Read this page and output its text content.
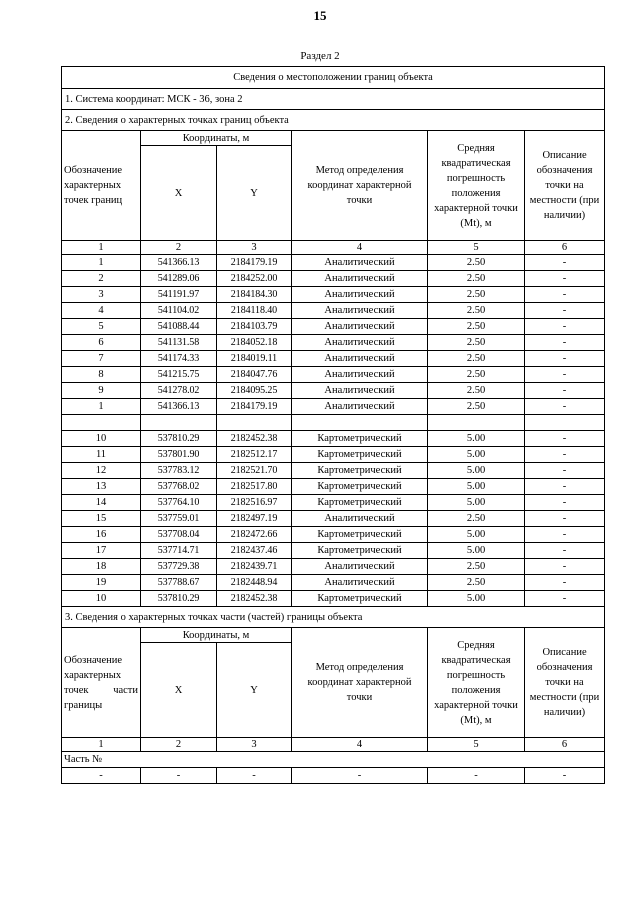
15
Раздел 2
Сведения о местоположении границ объекта					
1. Система координат: МСК - 36, зона 2					
2. Сведения о характерных точках границ объекта					
Обозначение характерных точек границ	Координаты, м		Метод определения координат характерной точки	Средняя квадратическая погрешность положения характерной точки (Mt), м	Описание обозначения точки на местности (при наличии)
	X	Y			
1	2	3	4	5	6
1	541366.13	2184179.19	Аналитический	2.50	-
2	541289.06	2184252.00	Аналитический	2.50	-
3	541191.97	2184184.30	Аналитический	2.50	-
4	541104.02	2184118.40	Аналитический	2.50	-
5	541088.44	2184103.79	Аналитический	2.50	-
6	541131.58	2184052.18	Аналитический	2.50	-
7	541174.33	2184019.11	Аналитический	2.50	-
8	541215.75	2184047.76	Аналитический	2.50	-
9	541278.02	2184095.25	Аналитический	2.50	-
1	541366.13	2184179.19	Аналитический	2.50	-

10	537810.29	2182452.38	Картометрический	5.00	-
11	537801.90	2182512.17	Картометрический	5.00	-
12	537783.12	2182521.70	Картометрический	5.00	-
13	537768.02	2182517.80	Картометрический	5.00	-
14	537764.10	2182516.97	Картометрический	5.00	-
15	537759.01	2182497.19	Аналитический	2.50	-
16	537708.04	2182472.66	Картометрический	5.00	-
17	537714.71	2182437.46	Картометрический	5.00	-
18	537729.38	2182439.71	Аналитический	2.50	-
19	537788.67	2182448.94	Аналитический	2.50	-
10	537810.29	2182452.38	Картометрический	5.00	-
3. Сведения о характерных точках части (частей) границы объекта					
Обозначение характерных точек части границы	Координаты, м		Метод определения координат характерной точки	Средняя квадратическая погрешность положения характерной точки (Mt), м	Описание обозначения точки на местности (при наличии)
	X	Y			
1	2	3	4	5	6
Часть №					
-	-	-	-	-	-
